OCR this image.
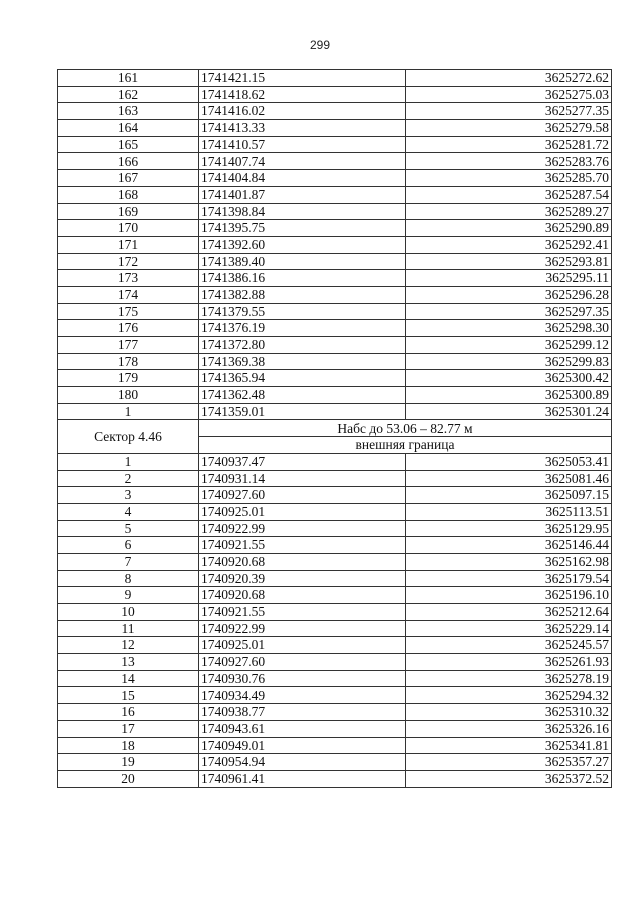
299
161	1741421.15	3625272.62
162	1741418.62	3625275.03
163	1741416.02	3625277.35
164	1741413.33	3625279.58
165	1741410.57	3625281.72
166	1741407.74	3625283.76
167	1741404.84	3625285.70
168	1741401.87	3625287.54
169	1741398.84	3625289.27
170	1741395.75	3625290.89
171	1741392.60	3625292.41
172	1741389.40	3625293.81
173	1741386.16	3625295.11
174	1741382.88	3625296.28
175	1741379.55	3625297.35
176	1741376.19	3625298.30
177	1741372.80	3625299.12
178	1741369.38	3625299.83
179	1741365.94	3625300.42
180	1741362.48	3625300.89
1	1741359.01	3625301.24
Сектор 4.46	Набс до 53.06 – 82.77 м	
	внешняя граница	
1	1740937.47	3625053.41
2	1740931.14	3625081.46
3	1740927.60	3625097.15
4	1740925.01	3625113.51
5	1740922.99	3625129.95
6	1740921.55	3625146.44
7	1740920.68	3625162.98
8	1740920.39	3625179.54
9	1740920.68	3625196.10
10	1740921.55	3625212.64
11	1740922.99	3625229.14
12	1740925.01	3625245.57
13	1740927.60	3625261.93
14	1740930.76	3625278.19
15	1740934.49	3625294.32
16	1740938.77	3625310.32
17	1740943.61	3625326.16
18	1740949.01	3625341.81
19	1740954.94	3625357.27
20	1740961.41	3625372.52
